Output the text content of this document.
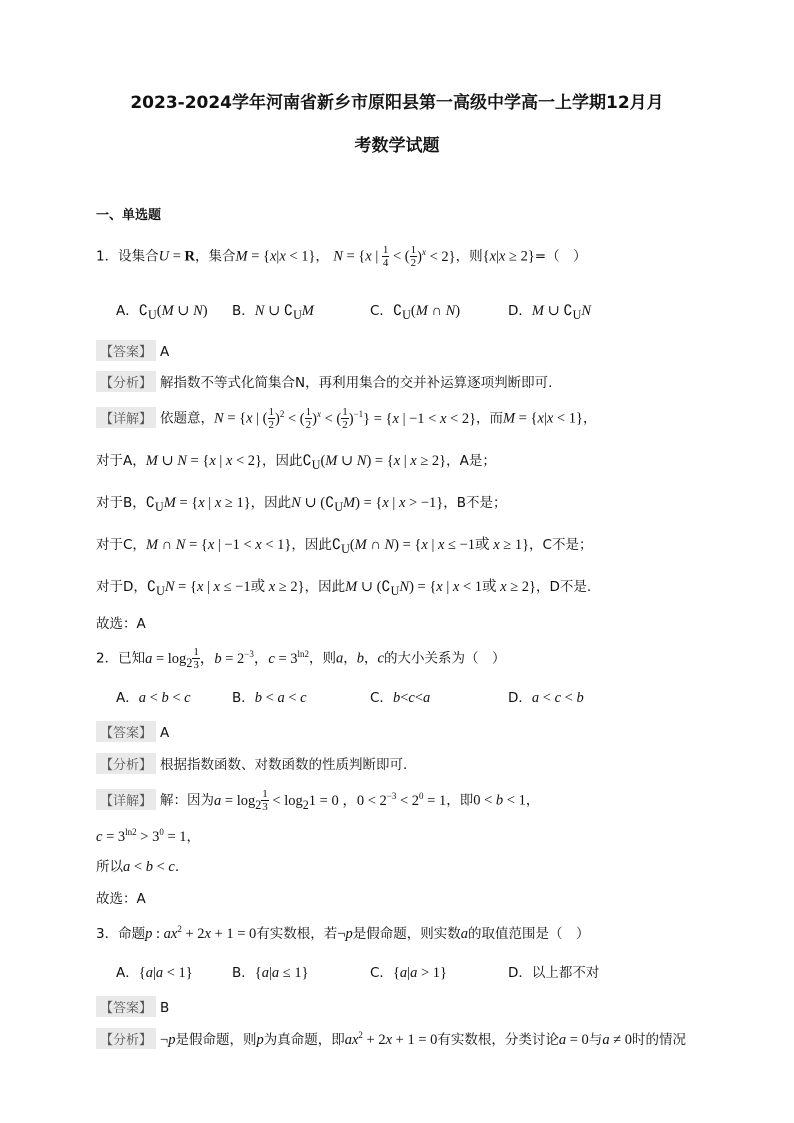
2023-2024学年河南省新乡市原阳县第一高级中学高一上学期12月月
考数学试题
一、单选题
1．设集合U = R，集合M = {x|x < 1}， N = {x | $\frac{1}{4}$ < ( $\frac{1}{2} )^x < 2$}，则{x|x ≥ 2}=（　）
A．$∁_U(M$ ∪ N) B．N ∪ $∁_UM$	C．$∁_U(M$ ∩ N)	D．M ∪ $∁_UN$
【答案】 A
【分析】 解指数不等式化简集合N，再利用集合的交并补运算逐项判断即可.
【详解】 依题意，N = {x | ( $\frac{1}{2} )^2$ < ( $\frac{1}{2} )^x$ < ( $\frac{1}{2} )^{-1}\} = \{x$ | −1 < x < 2}，而M = {x|x < 1}，
对于A，M ∪ N = {x | x < 2}，因此$∁_U(M$ ∪ N) = {x | x ≥ 2}，A是；
对于B，$∁_UM = \{x$ | x ≥ 1}，因此N ∪ $(∁_UM) = \{x$ | x > −1}，B不是；
对于C，M ∩ N = {x | −1 < x < 1}，因此$∁_U(M$ ∩ N) = {x | x ≤ −1或 x ≥ 1}，C不是；
对于D，$∁_UN = \{x$ | x ≤ −1或 x ≥ 2}，因此M ∪ $(∁_UN) = \{x$ | x < 1或 x ≥ 2}，D不是.
故选：A
2．已知$a = \log_2 \frac{1}{3}$ ，$b = 2^{-3}$，$c = 3^{ln2}$，则a，b，c的大小关系为（　）
A．a < b < c	B．b < a < c	C．b<c<a	D．a < c < b
【答案】 A
【分析】 根据指数函数、对数函数的性质判断即可.
【详解】 解：因为$a = \log_2 \frac{1}{3} < \log_21 = 0$ ，$0 < 2^{-3} < 2^0 = 1$，即0 < b < 1，
$c = 3^{ln2} > 3^0 = 1$，
所以a < b < c.
故选：A
3．命题p : $ax^2 + 2x + 1 = 0$有实数根，若¬p是假命题，则实数a的取值范围是（　）
A．{a|a < 1}	B．{a|a ≤ 1}	C．{a|a > 1}	D．以上都不对
【答案】 B
【分析】 ¬p是假命题，则p为真命题，即$ax^2 + 2x + 1 = 0$有实数根，分类讨论a = 0与a ≠ 0时的情况
